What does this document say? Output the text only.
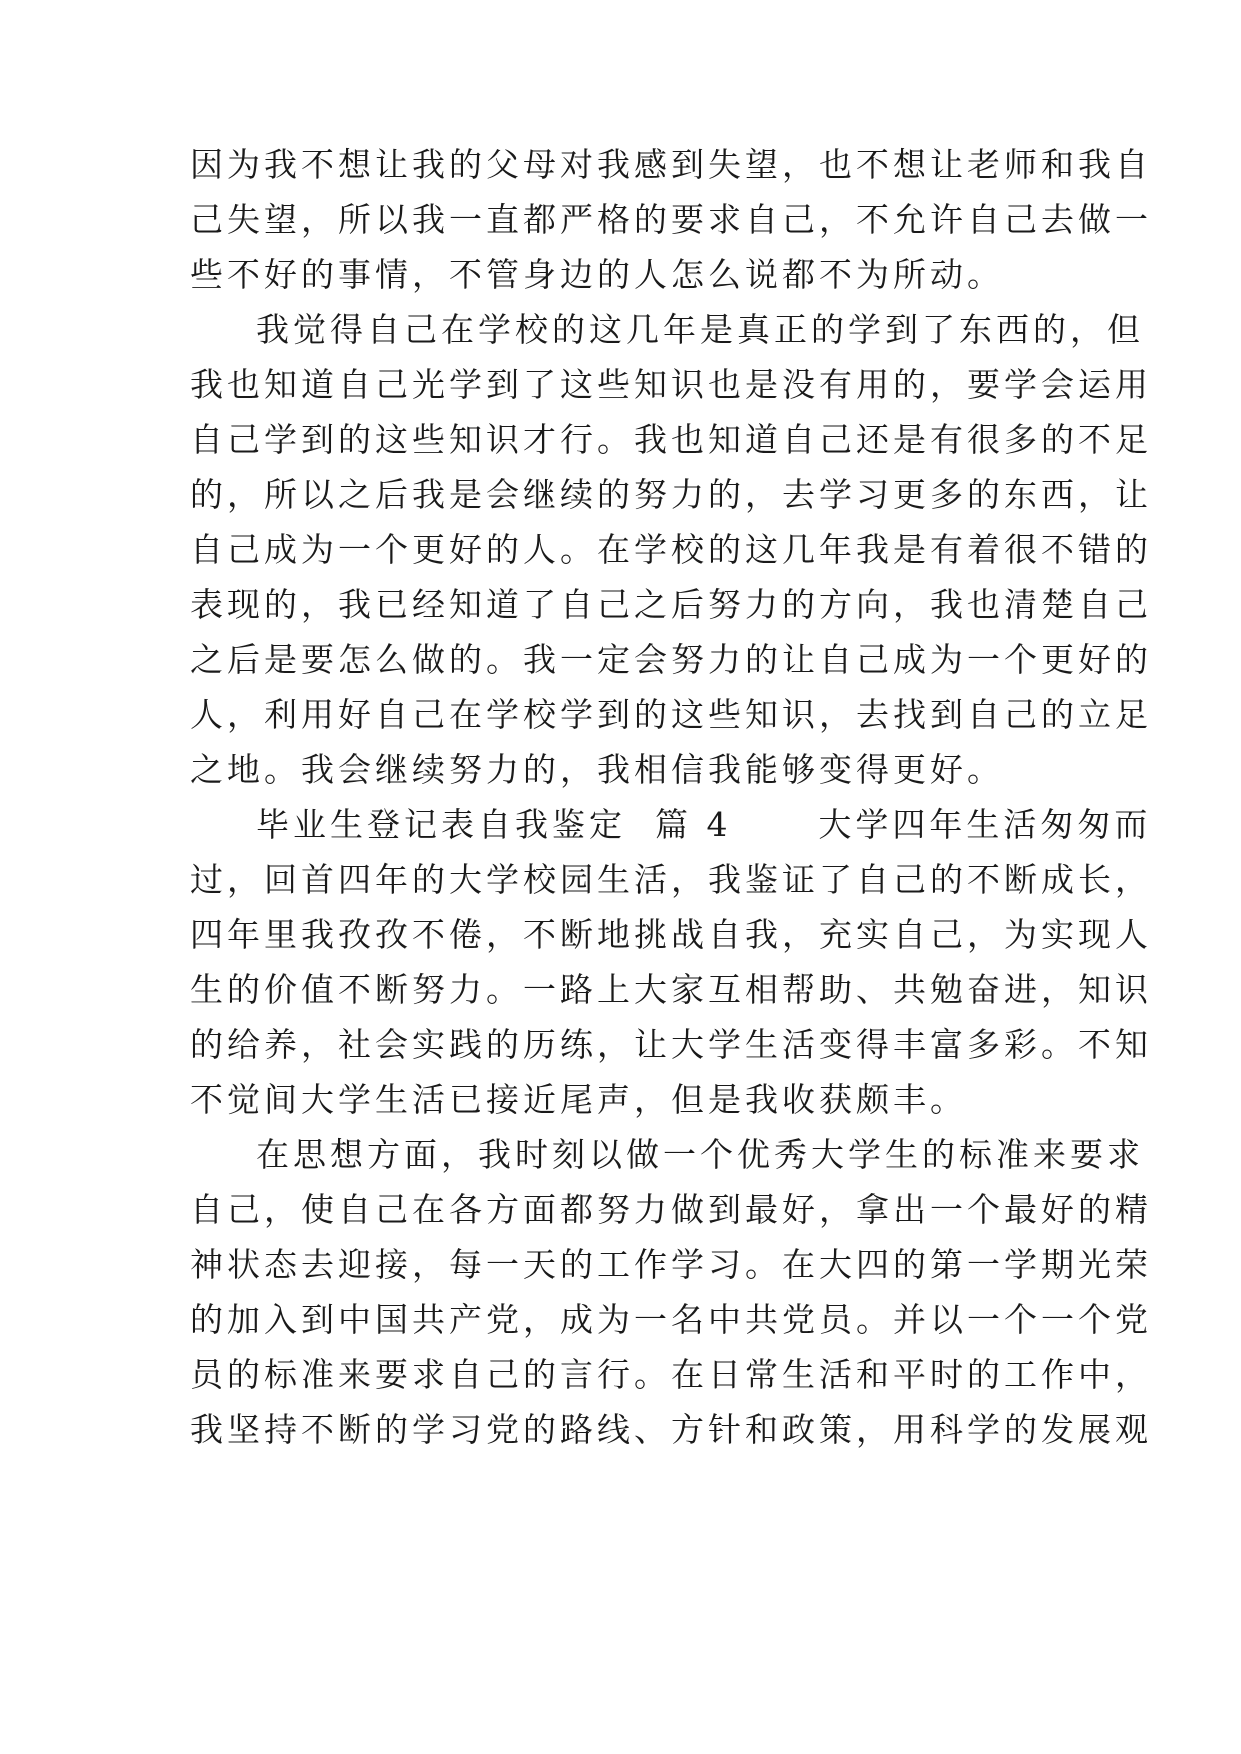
因为我不想让我的父母对我感到失望，也不想让老师和我自
己失望，所以我一直都严格的要求自己，不允许自己去做一
些不好的事情，不管身边的人怎么说都不为所动。
我觉得自己在学校的这几年是真正的学到了东西的，但
我也知道自己光学到了这些知识也是没有用的，要学会运用
自己学到的这些知识才行。我也知道自己还是有很多的不足
的，所以之后我是会继续的努力的，去学习更多的东西，让
自己成为一个更好的人。在学校的这几年我是有着很不错的
表现的，我已经知道了自己之后努力的方向，我也清楚自己
之后是要怎么做的。我一定会努力的让自己成为一个更好的
人，利用好自己在学校学到的这些知识，去找到自己的立足
之地。我会继续努力的，我相信我能够变得更好。
毕业生登记表自我鉴定  篇 4      大学四年生活匆匆而
过，回首四年的大学校园生活，我鉴证了自己的不断成长，
四年里我孜孜不倦，不断地挑战自我，充实自己，为实现人
生的价值不断努力。一路上大家互相帮助、共勉奋进，知识
的给养，社会实践的历练，让大学生活变得丰富多彩。不知
不觉间大学生活已接近尾声，但是我收获颇丰。
在思想方面，我时刻以做一个优秀大学生的标准来要求
自己，使自己在各方面都努力做到最好，拿出一个最好的精
神状态去迎接，每一天的工作学习。在大四的第一学期光荣
的加入到中国共产党，成为一名中共党员。并以一个一个党
员的标准来要求自己的言行。在日常生活和平时的工作中，
我坚持不断的学习党的路线、方针和政策，用科学的发展观
